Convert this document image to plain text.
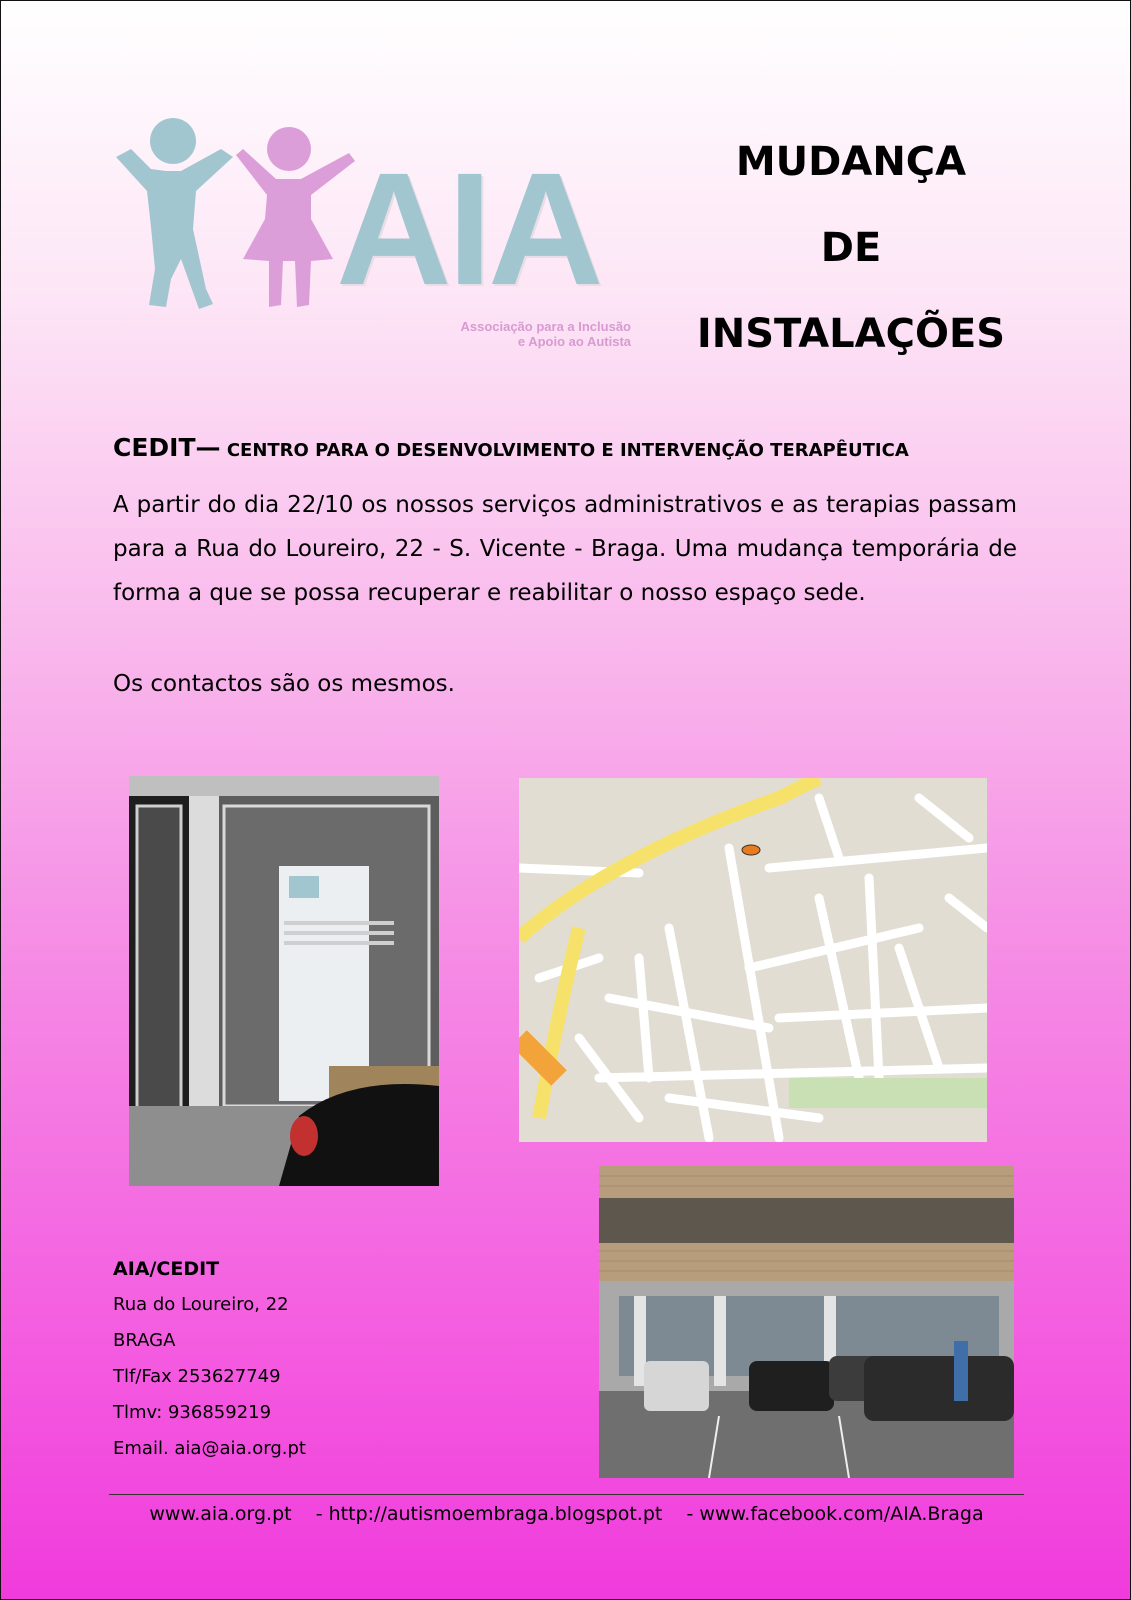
AIA
Associação para a Inclusão
e Apoio ao Autista
MUDANÇA
DE
INSTALAÇÕES
CEDIT— CENTRO PARA O DESENVOLVIMENTO E INTERVENÇÃO TERAPÊUTICA
A partir do dia 22/10 os nossos serviços administrativos e as terapias passam para a Rua do Loureiro, 22 - S. Vicente - Braga. Uma mudança temporária de forma a que se possa recuperar e reabilitar o nosso espaço sede.
Os contactos são os mesmos.
AIA/CEDIT
Rua do Loureiro, 22
BRAGA
Tlf/Fax 253627749
Tlmv: 936859219
Email. aia@aia.org.pt
www.aia.org.pt    - http://autismoembraga.blogspot.pt    - www.facebook.com/AIA.Braga
